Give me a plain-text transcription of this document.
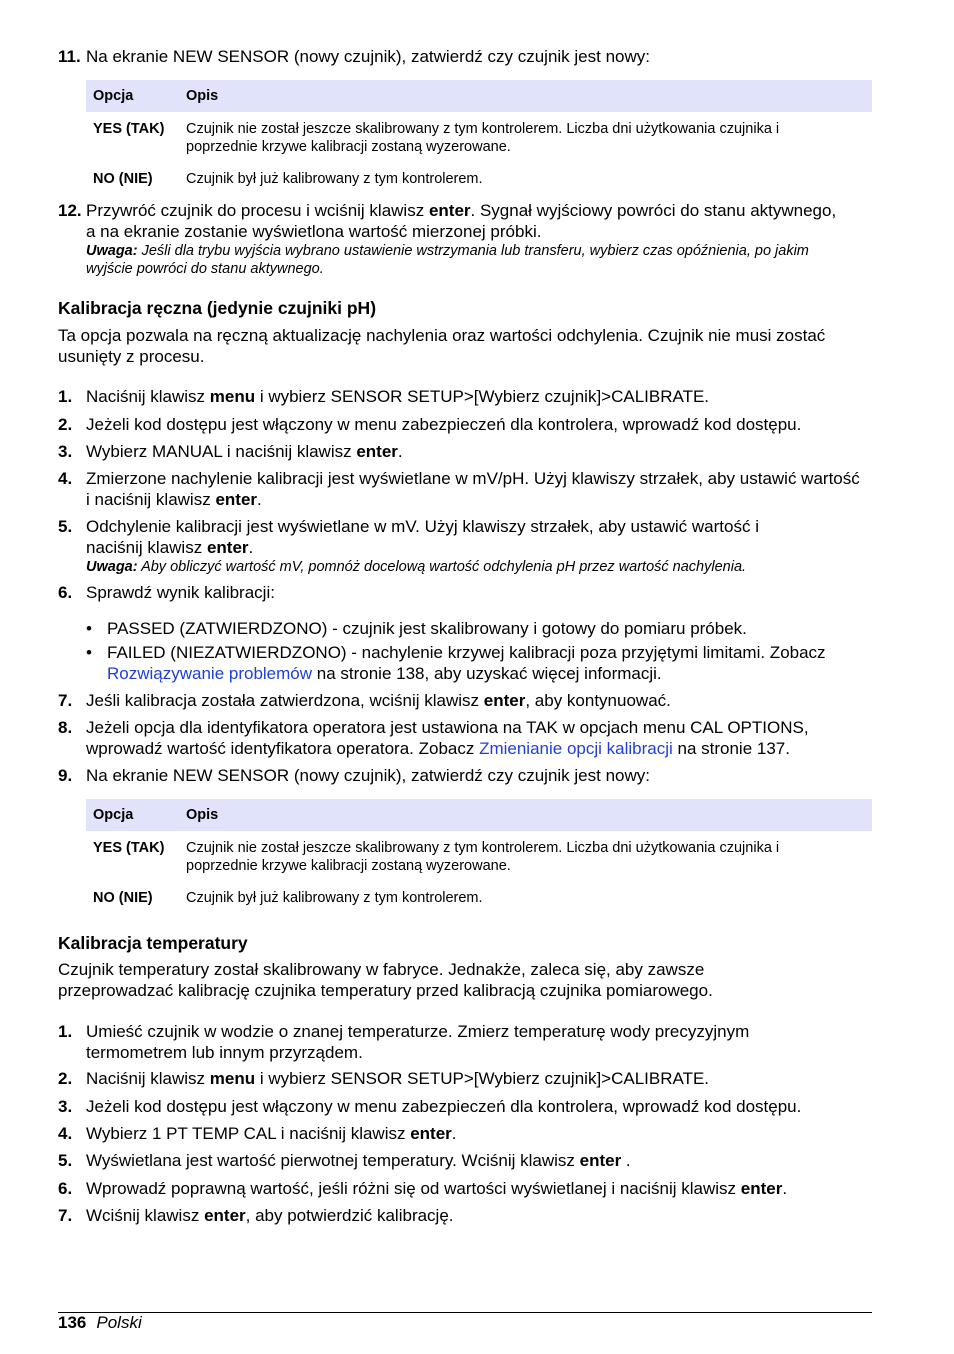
11. Na ekranie NEW SENSOR (nowy czujnik), zatwierdź czy czujnik jest nowy:
Opcja	Opis
YES (TAK)	Czujnik nie został jeszcze skalibrowany z tym kontrolerem. Liczba dni użytkowania czujnika i poprzednie krzywe kalibracji zostaną wyzerowane.
NO (NIE)	Czujnik był już kalibrowany z tym kontrolerem.
12. Przywróć czujnik do procesu i wciśnij klawisz enter. Sygnał wyjściowy powróci do stanu aktywnego, a na ekranie zostanie wyświetlona wartość mierzonej próbki.
Uwaga: Jeśli dla trybu wyjścia wybrano ustawienie wstrzymania lub transferu, wybierz czas opóźnienia, po jakim wyjście powróci do stanu aktywnego.
Kalibracja ręczna (jedynie czujniki pH)
Ta opcja pozwala na ręczną aktualizację nachylenia oraz wartości odchylenia. Czujnik nie musi zostać usunięty z procesu.
1. Naciśnij klawisz menu i wybierz SENSOR SETUP>[Wybierz czujnik]>CALIBRATE.
2. Jeżeli kod dostępu jest włączony w menu zabezpieczeń dla kontrolera, wprowadź kod dostępu.
3. Wybierz MANUAL i naciśnij klawisz enter.
4. Zmierzone nachylenie kalibracji jest wyświetlane w mV/pH. Użyj klawiszy strzałek, aby ustawić wartość i naciśnij klawisz enter.
5. Odchylenie kalibracji jest wyświetlane w mV. Użyj klawiszy strzałek, aby ustawić wartość i naciśnij klawisz enter.
Uwaga: Aby obliczyć wartość mV, pomnóż docelową wartość odchylenia pH przez wartość nachylenia.
6. Sprawdź wynik kalibracji:
• PASSED (ZATWIERDZONO) - czujnik jest skalibrowany i gotowy do pomiaru próbek.
• FAILED (NIEZATWIERDZONO) - nachylenie krzywej kalibracji poza przyjętymi limitami. Zobacz Rozwiązywanie problemów na stronie 138, aby uzyskać więcej informacji.
7. Jeśli kalibracja została zatwierdzona, wciśnij klawisz enter, aby kontynuować.
8. Jeżeli opcja dla identyfikatora operatora jest ustawiona na TAK w opcjach menu CAL OPTIONS, wprowadź wartość identyfikatora operatora. Zobacz Zmienianie opcji kalibracji na stronie 137.
9. Na ekranie NEW SENSOR (nowy czujnik), zatwierdź czy czujnik jest nowy:
Opcja	Opis
YES (TAK)	Czujnik nie został jeszcze skalibrowany z tym kontrolerem. Liczba dni użytkowania czujnika i poprzednie krzywe kalibracji zostaną wyzerowane.
NO (NIE)	Czujnik był już kalibrowany z tym kontrolerem.
Kalibracja temperatury
Czujnik temperatury został skalibrowany w fabryce. Jednakże, zaleca się, aby zawsze przeprowadzać kalibrację czujnika temperatury przed kalibracją czujnika pomiarowego.
1. Umieść czujnik w wodzie o znanej temperaturze. Zmierz temperaturę wody precyzyjnym termometrem lub innym przyrządem.
2. Naciśnij klawisz menu i wybierz SENSOR SETUP>[Wybierz czujnik]>CALIBRATE.
3. Jeżeli kod dostępu jest włączony w menu zabezpieczeń dla kontrolera, wprowadź kod dostępu.
4. Wybierz 1 PT TEMP CAL i naciśnij klawisz enter.
5. Wyświetlana jest wartość pierwotnej temperatury. Wciśnij klawisz enter .
6. Wprowadź poprawną wartość, jeśli różni się od wartości wyświetlanej i naciśnij klawisz enter.
7. Wciśnij klawisz enter, aby potwierdzić kalibrację.
136 Polski
